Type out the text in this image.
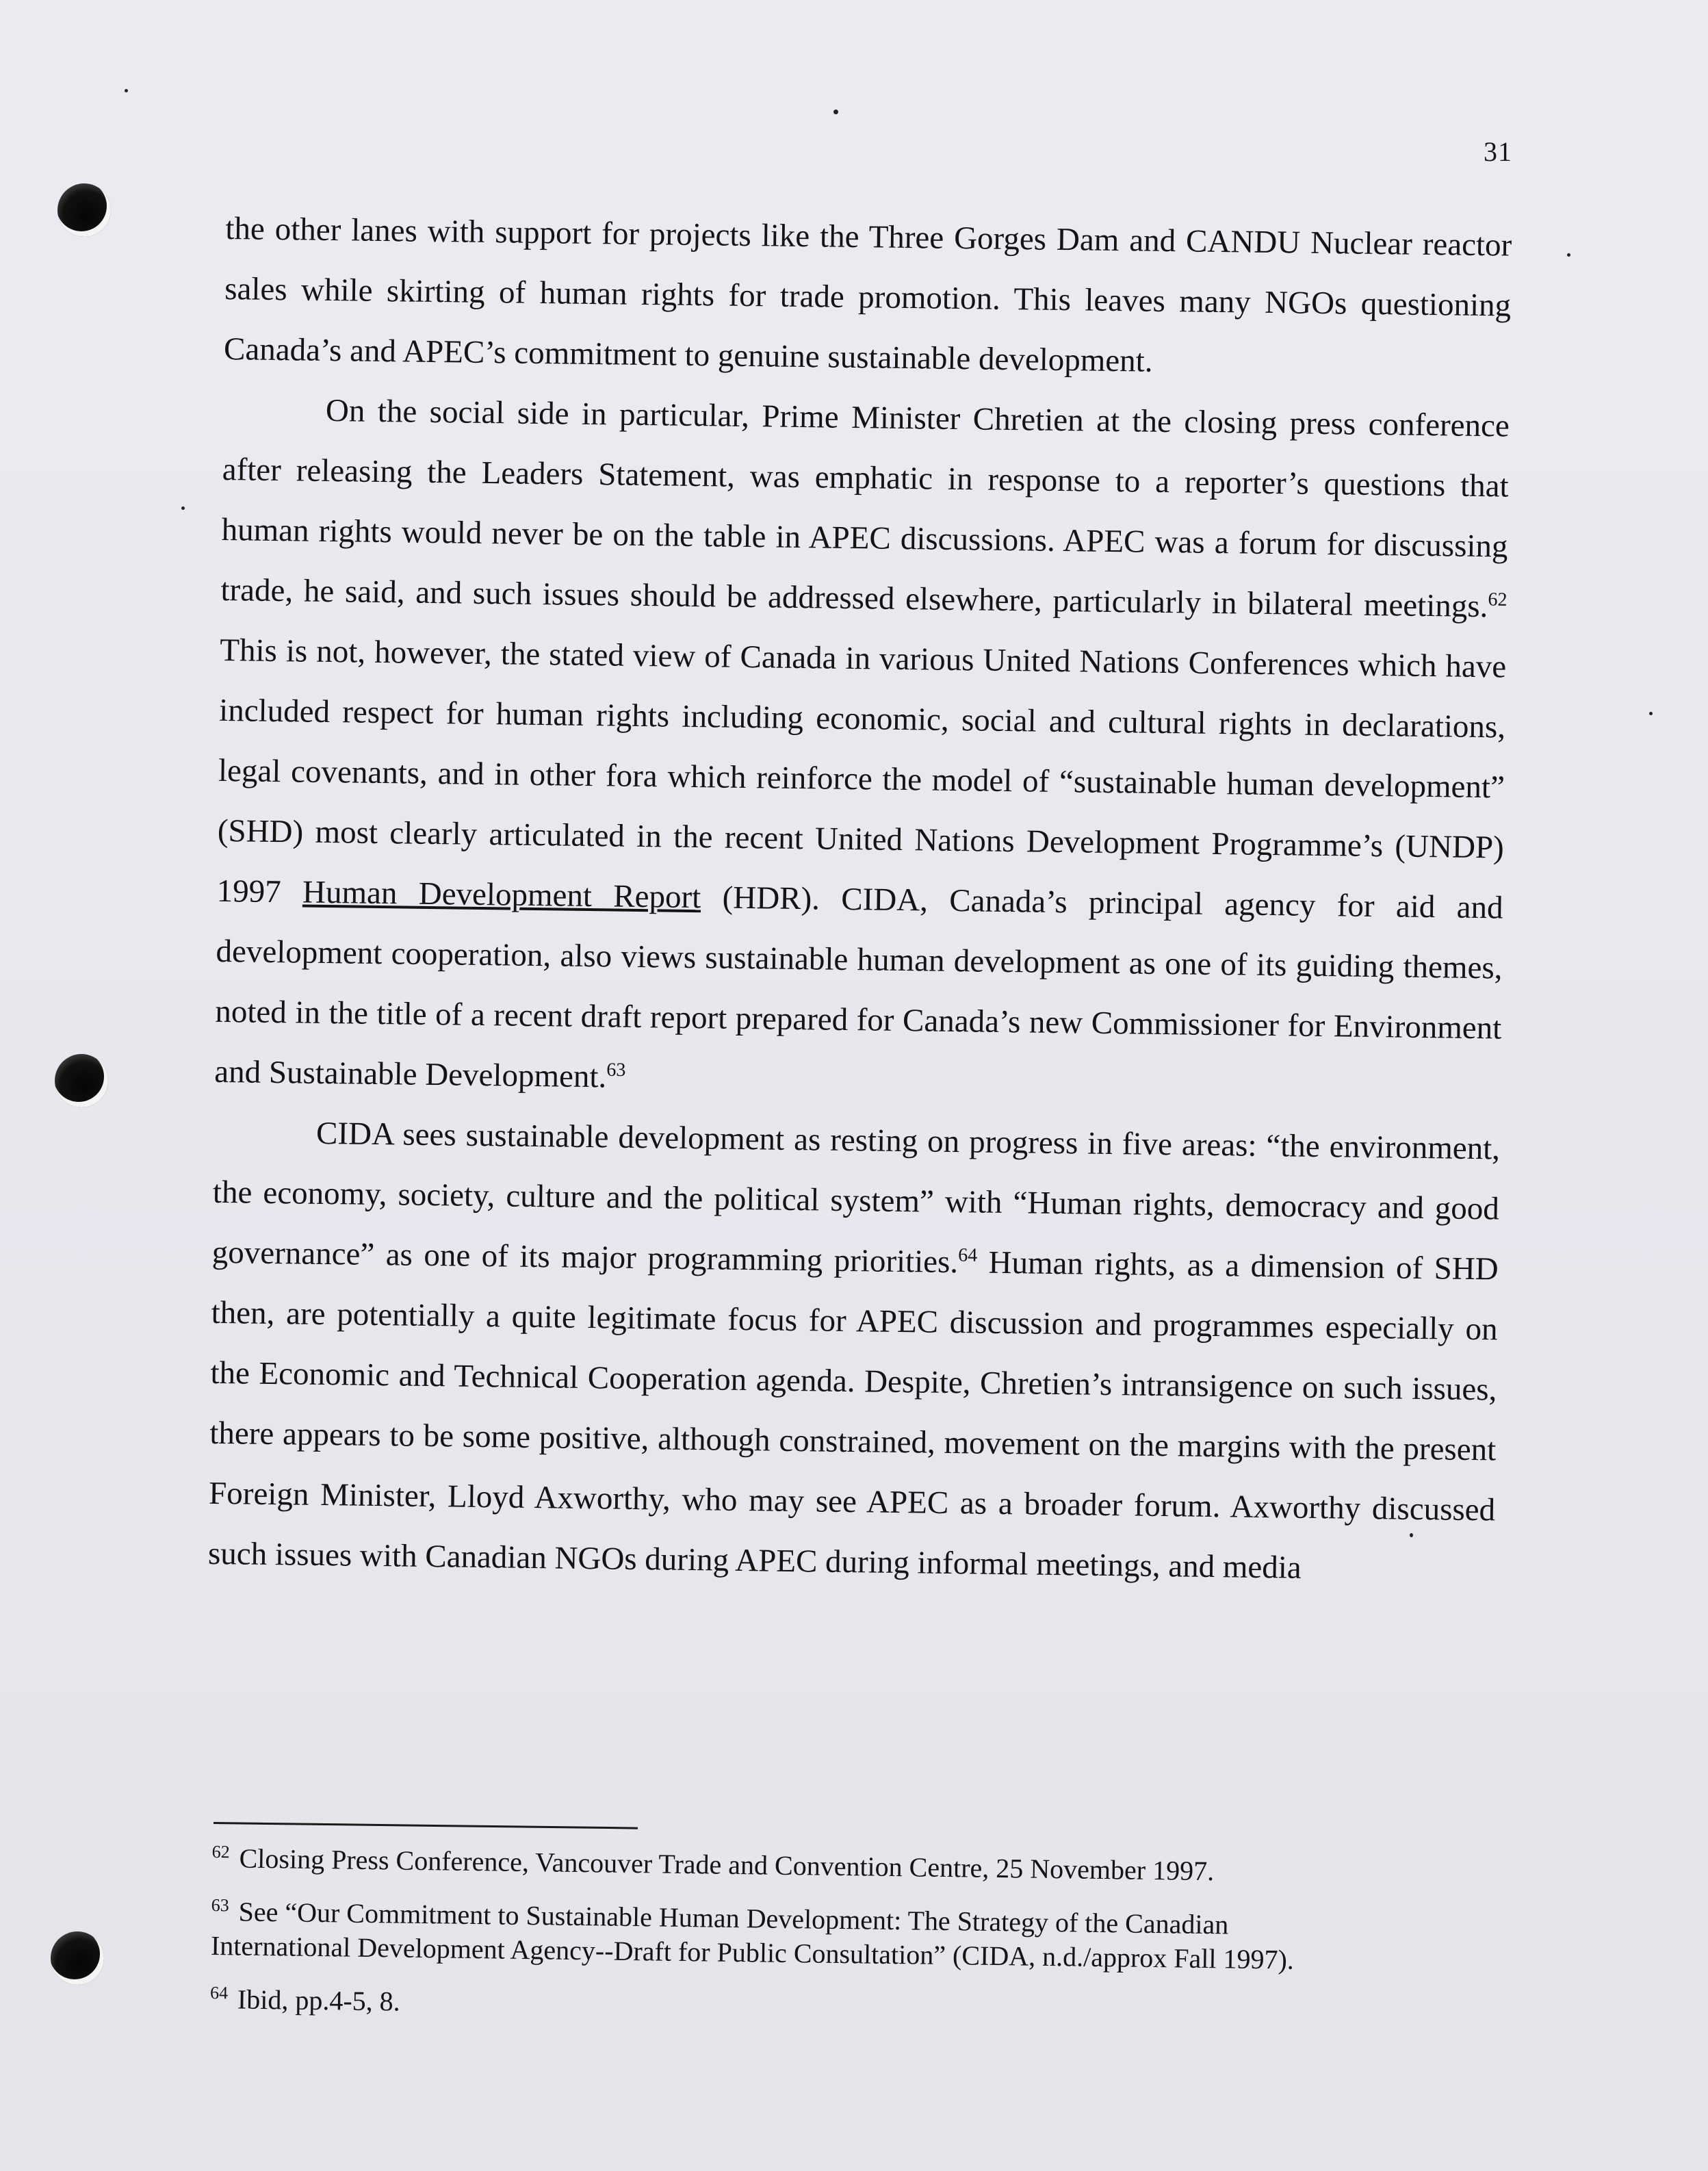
31

the other lanes with support for projects like the Three Gorges Dam and CANDU Nuclear reactor sales while skirting of human rights for trade promotion. This leaves many NGOs questioning Canada’s and APEC’s commitment to genuine sustainable development.

On the social side in particular, Prime Minister Chretien at the closing press conference after releasing the Leaders Statement, was emphatic in response to a reporter’s questions that human rights would never be on the table in APEC discussions. APEC was a forum for discussing trade, he said, and such issues should be addressed elsewhere, particularly in bilateral meetings.$^{62}$ This is not, however, the stated view of Canada in various United Nations Conferences which have included respect for human rights including economic, social and cultural rights in declarations, legal covenants, and in other fora which reinforce the model of “sustainable human development” (SHD) most clearly articulated in the recent United Nations Development Programme’s (UNDP) 1997 Human Development Report (HDR). CIDA, Canada’s principal agency for aid and development cooperation, also views sustainable human development as one of its guiding themes, noted in the title of a recent draft report prepared for Canada’s new Commissioner for Environment and Sustainable Development.$^{63}$

CIDA sees sustainable development as resting on progress in five areas: “the environment, the economy, society, culture and the political system” with “Human rights, democracy and good governance” as one of its major programming priorities.$^{64}$ Human rights, as a dimension of SHD then, are potentially a quite legitimate focus for APEC discussion and programmes especially on the Economic and Technical Cooperation agenda. Despite, Chretien’s intransigence on such issues, there appears to be some positive, although constrained, movement on the margins with the present Foreign Minister, Lloyd Axworthy, who may see APEC as a broader forum. Axworthy discussed such issues with Canadian NGOs during APEC during informal meetings, and media

$^{62}$ Closing Press Conference, Vancouver Trade and Convention Centre, 25 November 1997.
$^{63}$ See “Our Commitment to Sustainable Human Development: The Strategy of the Canadian
International Development Agency--Draft for Public Consultation” (CIDA, n.d./approx Fall 1997).
$^{64}$ Ibid, pp.4-5, 8.
